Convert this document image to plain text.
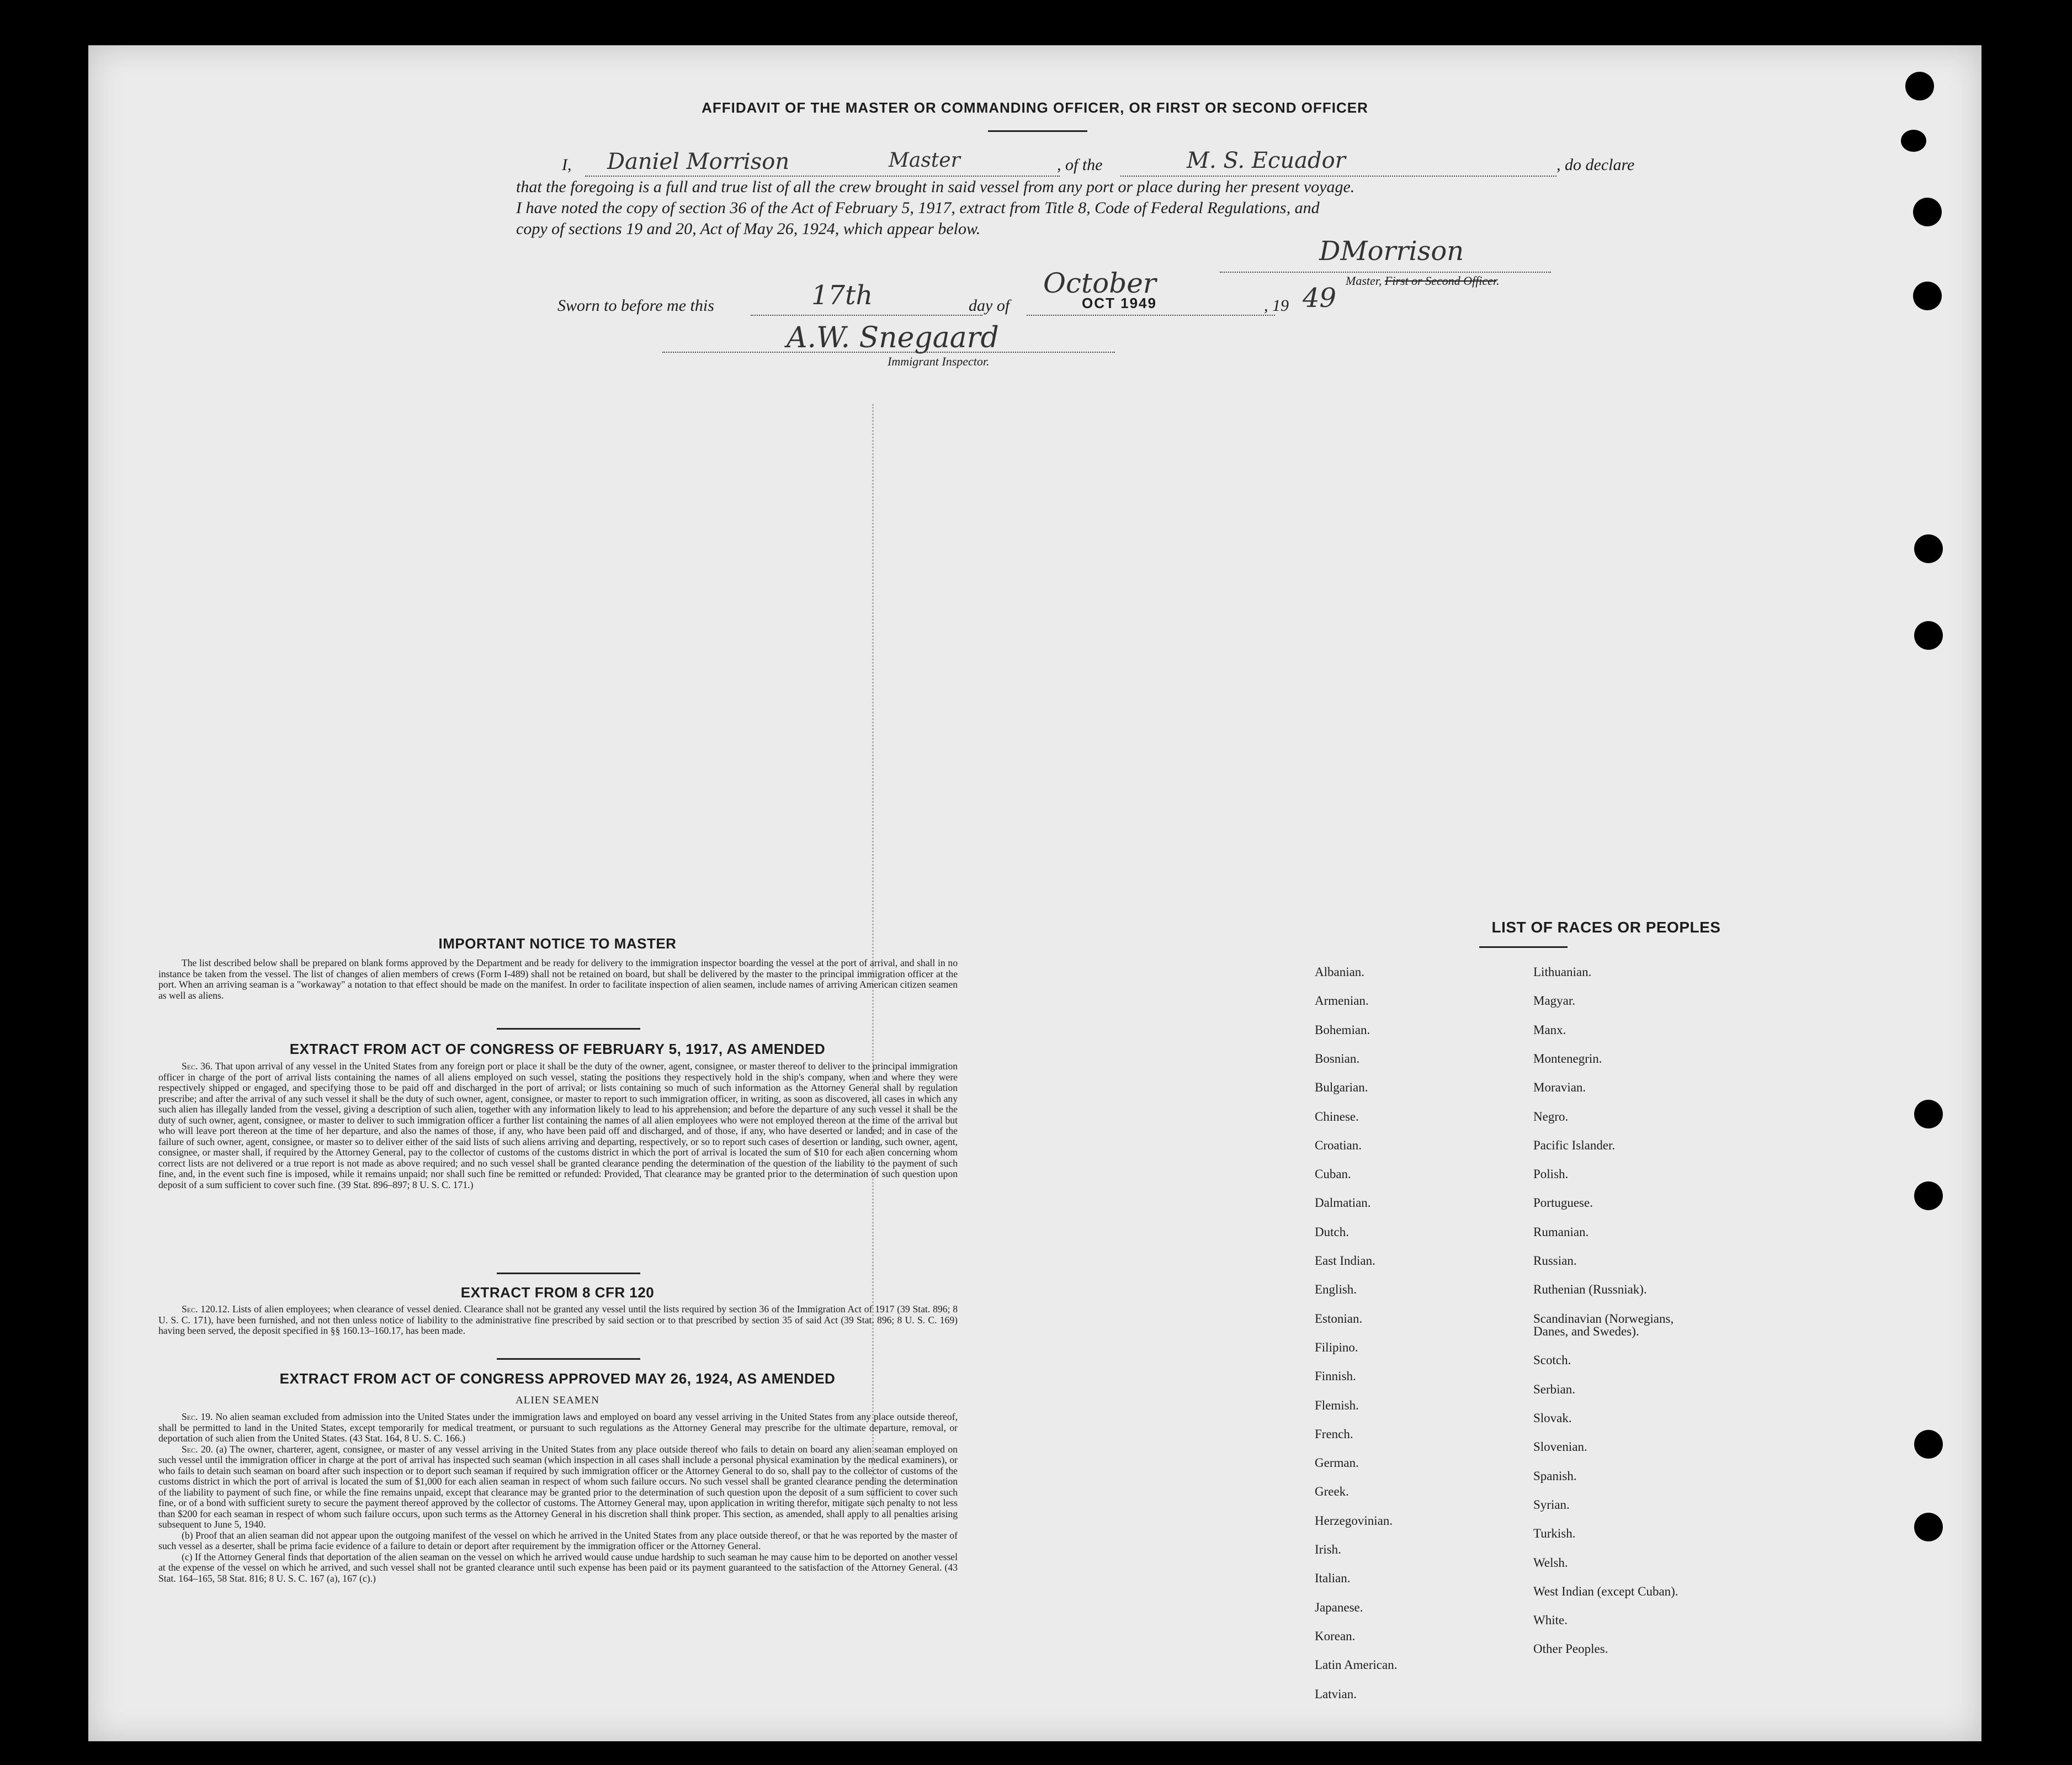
AFFIDAVIT OF THE MASTER OR COMMANDING OFFICER, OR FIRST OR SECOND OFFICER
I, Daniel Morrison	Master	, of the	M. S. Ecuador	, do declare
that the foregoing is a full and true list of all the crew brought in said vessel from any port or place during her present voyage.
I have noted the copy of section 36 of the Act of February 5, 1917, extract from Title 8, Code of Federal Regulations, and
copy of sections 19 and 20, Act of May 26, 1924, which appear below.
DMorrison
Master, First or Second Officer.
Sworn to before me this	17th	day of
October
OCT 1949	, 19 49
A.W. Snegaard
Immigrant Inspector.
IMPORTANT NOTICE TO MASTER

The list described below shall be prepared on blank forms approved by the Department and be ready for delivery to the immigration inspector boarding the vessel at the port of arrival, and shall in no instance be taken from the vessel. The list of changes of alien members of crews (Form I-489) shall not be retained on board, but shall be delivered by the master to the principal immigration officer at the port. When an arriving seaman is a "workaway" a notation to that effect should be made on the manifest. In order to facilitate inspection of alien seamen, include names of arriving American citizen seamen as well as aliens.

EXTRACT FROM ACT OF CONGRESS OF FEBRUARY 5, 1917, AS AMENDED

Sec. 36. That upon arrival of any vessel in the United States from any foreign port or place it shall be the duty of the owner, agent, consignee, or master thereof to deliver to the principal immigration officer in charge of the port of arrival lists containing the names of all aliens employed on such vessel, stating the positions they respectively hold in the ship's company, when and where they were respectively shipped or engaged, and specifying those to be paid off and discharged in the port of arrival; or lists containing so much of such information as the Attorney General shall by regulation prescribe; and after the arrival of any such vessel it shall be the duty of such owner, agent, consignee, or master to report to such immigration officer, in writing, as soon as discovered, all cases in which any such alien has illegally landed from the vessel, giving a description of such alien, together with any information likely to lead to his apprehension; and before the departure of any such vessel it shall be the duty of such owner, agent, consignee, or master to deliver to such immigration officer a further list containing the names of all alien employees who were not employed thereon at the time of the arrival but who will leave port thereon at the time of her departure, and also the names of those, if any, who have been paid off and discharged, and of those, if any, who have deserted or landed; and in case of the failure of such owner, agent, consignee, or master so to deliver either of the said lists of such aliens arriving and departing, respectively, or so to report such cases of desertion or landing, such owner, agent, consignee, or master shall, if required by the Attorney General, pay to the collector of customs of the customs district in which the port of arrival is located the sum of $10 for each alien concerning whom correct lists are not delivered or a true report is not made as above required; and no such vessel shall be granted clearance pending the determination of the question of the liability to the payment of such fine, and, in the event such fine is imposed, while it remains unpaid; nor shall such fine be remitted or refunded: Provided, That clearance may be granted prior to the determination of such question upon deposit of a sum sufficient to cover such fine. (39 Stat. 896–897; 8 U. S. C. 171.)

EXTRACT FROM 8 CFR 120

Sec. 120.12. Lists of alien employees; when clearance of vessel denied. Clearance shall not be granted any vessel until the lists required by section 36 of the Immigration Act of 1917 (39 Stat. 896; 8 U. S. C. 171), have been furnished, and not then unless notice of liability to the administrative fine prescribed by said section or to that prescribed by section 35 of said Act (39 Stat. 896; 8 U. S. C. 169) having been served, the deposit specified in §§ 160.13–160.17, has been made.

EXTRACT FROM ACT OF CONGRESS APPROVED MAY 26, 1924, AS AMENDED
ALIEN SEAMEN

Sec. 19. No alien seaman excluded from admission into the United States under the immigration laws and employed on board any vessel arriving in the United States from any place outside thereof, shall be permitted to land in the United States, except temporarily for medical treatment, or pursuant to such regulations as the Attorney General may prescribe for the ultimate departure, removal, or deportation of such alien from the United States. (43 Stat. 164, 8 U. S. C. 166.)

Sec. 20. (a) The owner, charterer, agent, consignee, or master of any vessel arriving in the United States from any place outside thereof who fails to detain on board any alien seaman employed on such vessel until the immigration officer in charge at the port of arrival has inspected such seaman (which inspection in all cases shall include a personal physical examination by the medical examiners), or who fails to detain such seaman on board after such inspection or to deport such seaman if required by such immigration officer or the Attorney General to do so, shall pay to the collector of customs of the customs district in which the port of arrival is located the sum of $1,000 for each alien seaman in respect of whom such failure occurs. No such vessel shall be granted clearance pending the determination of the liability to payment of such fine, or while the fine remains unpaid, except that clearance may be granted prior to the determination of such question upon the deposit of a sum sufficient to cover such fine, or of a bond with sufficient surety to secure the payment thereof approved by the collector of customs. The Attorney General may, upon application in writing therefor, mitigate such penalty to not less than $200 for each seaman in respect of whom such failure occurs, upon such terms as the Attorney General in his discretion shall think proper. This section, as amended, shall apply to all penalties arising subsequent to June 5, 1940.

(b) Proof that an alien seaman did not appear upon the outgoing manifest of the vessel on which he arrived in the United States from any place outside thereof, or that he was reported by the master of such vessel as a deserter, shall be prima facie evidence of a failure to detain or deport after requirement by the immigration officer or the Attorney General.

(c) If the Attorney General finds that deportation of the alien seaman on the vessel on which he arrived would cause undue hardship to such seaman he may cause him to be deported on another vessel at the expense of the vessel on which he arrived, and such vessel shall not be granted clearance until such expense has been paid or its payment guaranteed to the satisfaction of the Attorney General. (43 Stat. 164–165, 58 Stat. 816; 8 U. S. C. 167 (a), 167 (c).)

LIST OF RACES OR PEOPLES
Albanian.
Armenian.
Bohemian.
Bosnian.
Bulgarian.
Chinese.
Croatian.
Cuban.
Dalmatian.
Dutch.
East Indian.
English.
Estonian.
Filipino.
Finnish.
Flemish.
French.
German.
Greek.
Herzegovinian.
Irish.
Italian.
Japanese.
Korean.
Latin American.
Latvian.
Lithuanian.
Magyar.
Manx.
Montenegrin.
Moravian.
Negro.
Pacific Islander.
Polish.
Portuguese.
Rumanian.
Russian.
Ruthenian (Russniak).
Scandinavian (Norwegians,
Danes, and Swedes).
Scotch.
Serbian.
Slovak.
Slovenian.
Spanish.
Syrian.
Turkish.
Welsh.
West Indian (except Cuban).
White.
Other Peoples.
